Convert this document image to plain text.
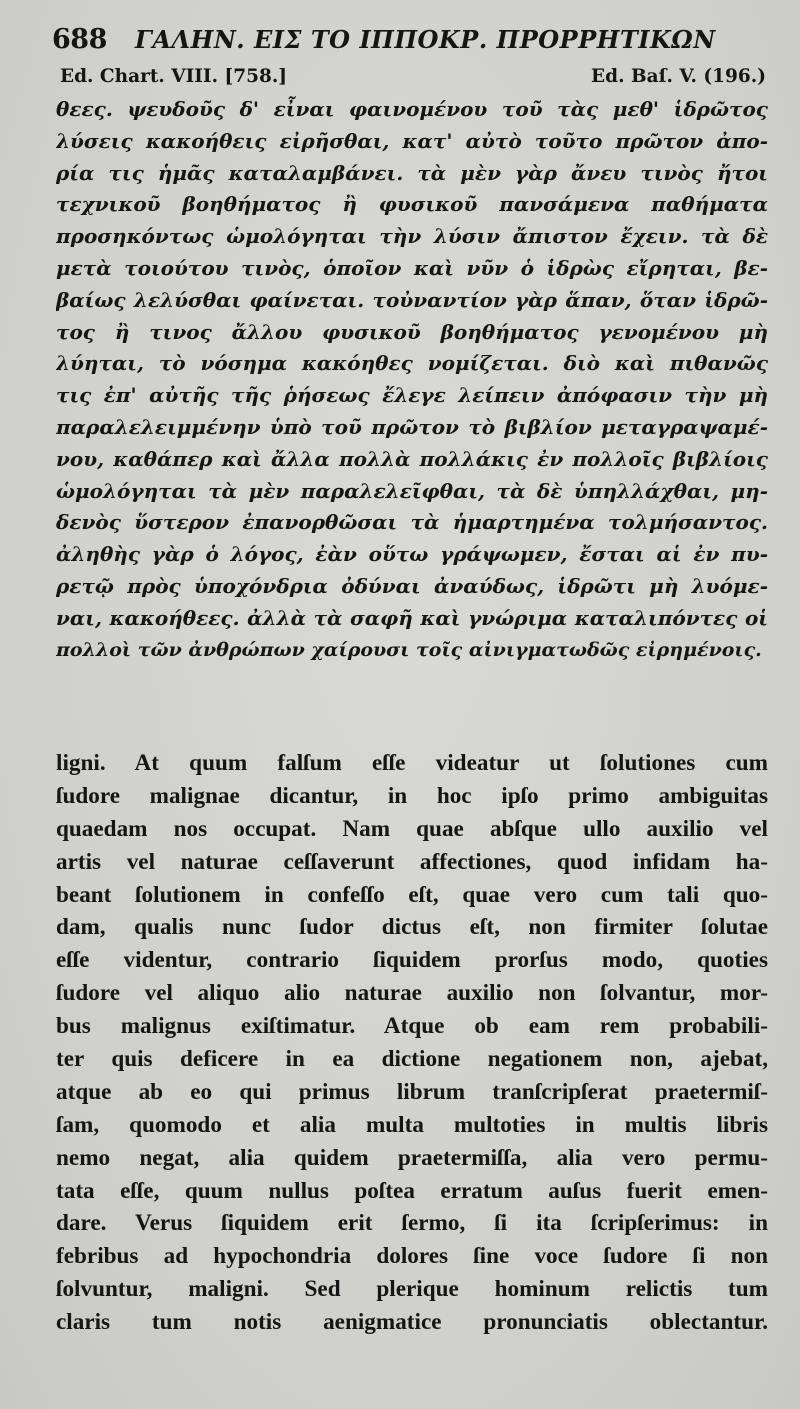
688 ΓΑΛΗΝ. ΕΙΣ ΤΟ ΙΠΠΟΚΡ. ΠΡΟΡΡΗΤΙΚΩΝ
Ed. Chart. VIII. [758.]	Ed. Baſ. V. (196.)
θεες. ψευδοῦς δ' εἶναι φαινομένου τοῦ τὰς μεθ' ἱδρῶτος
λύσεις κακοήθεις εἰρῆσθαι, κατ' αὐτὸ τοῦτο πρῶτον ἀπο-
ρία τις ἡμᾶς καταλαμβάνει. τὰ μὲν γὰρ ἄνευ τινὸς ἤτοι
τεχνικοῦ βοηθήματος ἢ φυσικοῦ πανσάμενα παθήματα
προσηκόντως ὡμολόγηται τὴν λύσιν ἄπιστον ἔχειν. τὰ δὲ
μετὰ τοιούτου τινὸς, ὁποῖον καὶ νῦν ὁ ἱδρὼς εἴρηται, βε-
βαίως λελύσθαι φαίνεται. τοὐναντίον γὰρ ἅπαν, ὅταν ἱδρῶ-
τος ἢ τινος ἄλλου φυσικοῦ βοηθήματος γενομένου μὴ
λύηται, τὸ νόσημα κακόηθες νομίζεται. διὸ καὶ πιθανῶς
τις ἐπ' αὐτῆς τῆς ῥήσεως ἔλεγε λείπειν ἀπόφασιν τὴν μὴ
παραλελειμμένην ὑπὸ τοῦ πρῶτον τὸ βιβλίον μεταγραψαμέ-
νου, καθάπερ καὶ ἄλλα πολλὰ πολλάκις ἐν πολλοῖς βιβλίοις
ὡμολόγηται τὰ μὲν παραλελεῖφθαι, τὰ δὲ ὑπηλλάχθαι, μη-
δενὸς ὕστερον ἐπανορθῶσαι τὰ ἡμαρτημένα τολμήσαντος.
ἀληθὴς γὰρ ὁ λόγος, ἐὰν οὕτω γράψωμεν, ἔσται αἱ ἐν πυ-
ρετῷ πρὸς ὑποχόνδρια ὀδύναι ἀναύδως, ἱδρῶτι μὴ λυόμε-
ναι, κακοήθεες. ἀλλὰ τὰ σαφῆ καὶ γνώριμα καταλιπόντες οἱ
πολλοὶ τῶν ἀνθρώπων χαίρουσι τοῖς αἰνιγματωδῶς εἰρημένοις.
ligni. At quum falſum eſſe videatur ut ſolutiones cum
ſudore malignae dicantur, in hoc ipſo primo ambiguitas
quaedam nos occupat. Nam quae abſque ullo auxilio vel
artis vel naturae ceſſaverunt affectiones, quod infidam ha-
beant ſolutionem in confeſſo eſt, quae vero cum tali quo-
dam, qualis nunc ſudor dictus eſt, non firmiter ſolutae
eſſe videntur, contrario ſiquidem prorſus modo, quoties
ſudore vel aliquo alio naturae auxilio non ſolvantur, mor-
bus malignus exiſtimatur. Atque ob eam rem probabili-
ter quis deficere in ea dictione negationem non, ajebat,
atque ab eo qui primus librum tranſcripſerat praetermiſ-
ſam, quomodo et alia multa multoties in multis libris
nemo negat, alia quidem praetermiſſa, alia vero permu-
tata eſſe, quum nullus poſtea erratum auſus fuerit emen-
dare. Verus ſiquidem erit ſermo, ſi ita ſcripſerimus: in
febribus ad hypochondria dolores ſine voce ſudore ſi non
ſolvuntur, maligni. Sed plerique hominum relictis tum
claris tum notis aenigmatice pronunciatis oblectantur.
